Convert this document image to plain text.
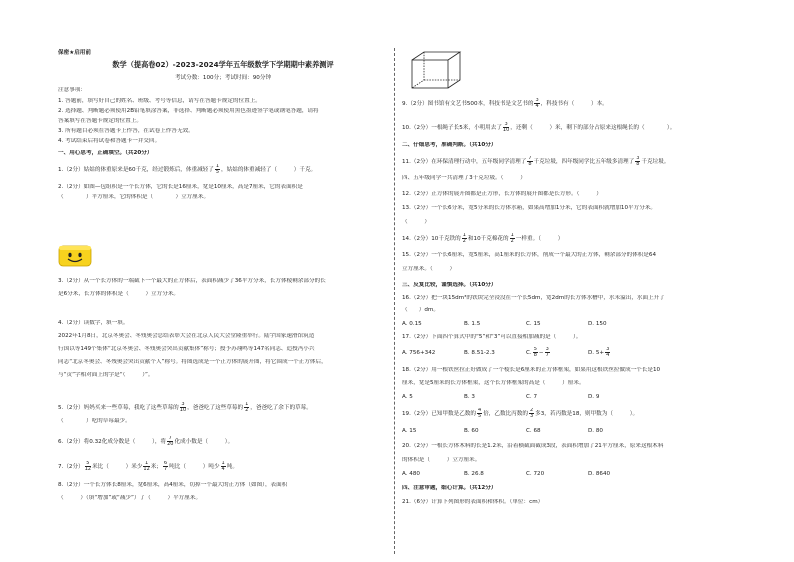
保密★启用前
数学（提高卷02）-2023-2024学年五年级数学下学期期中素养测评
考试分数：100分；考试时间：90分钟
注意事项：
1. 答题前，填写好自己的姓名、班级、考号等信息，请写在答题卡规定的位置上。
2. 选择题、判断题必须使用2B铅笔填涂答案，非选择、判断题必须使用黑色墨迹签字笔或钢笔答题，请将
答案填写在答题卡规定的位置上。
3. 所有题目必须在答题卡上作答，在试卷上作答无效。
4. 考试结束后将试卷和答题卡一并交回。
一、用心思考，正确填空。（共20分）
1.（2分）姑姑的体重原来是60千克，经过锻炼后，体重减轻了 $\frac{1}{5}$ ，姑姑的体重减轻了（　　　）千克。
2.（2分）如图—包组积是一个长方体，它的长是16厘米，宽是10厘米，高是7厘米，它的表面积是
（　　　　）平方厘米，它的体积是（　　　　）立方厘米。
3.（2分）从一个长方体的一端截下一个最大的正方体后，表面积减少了36平方分米，长方体棱剩余部分的长
是6分米，长方体的体积是（　　　）立方分米。
4.（2分）读数字，填一填。
2022年1月8日，北京冬奥会、冬残奥会总结表彰大会在北京人民大会堂隆重举行。陆宇国家速滑馆筑造
行国以等149个集体“北京冬奥会、冬残奥会突出贡献集体”称号；授予苏翊鸣等147名同志、追授冯小兴
同志“北京冬奥会、冬残奥会突出贡献个人”称号。将图选成是一个正方体的展开图，将它围成一个正方体后，
与“贡”字相对面上的字是“（　　　）”。
5.（2分）妈妈买来一些草莓，我吃了这些草莓的 $\frac{3}{10}$ ，爸爸吃了这些草莓的 $\frac{1}{2}$ ，爸爸吃了余下的草莓。
（　　　　）吃的草莓最少。
6.（2分）将0.32化成分数是（　　　），将 $\frac{7}{20}$ 化成小数是（　　　）。
7.（2分） $\frac{5}{12}$ 米比（　　　）米少 $\frac{1}{12}$ 米； $\frac{6}{7}$ 吨比（　　　）吨少 $\frac{1}{4}$ 吨。
8.（2分）一个长方体长8厘米，宽6厘米，高4厘米，切掉一个最大的正方体（如图），表面积
（　　　）（填“增加”或“减少”）了（　　　）平方厘米。
9.（2分）图书馆有文艺书500本，科技书是文艺书的 $\frac{3}{4}$ ，科技书有（　　　）本。
10.（2分）一根绳子长5米，小明用去了 $\frac{3}{10}$ ，还剩（　　　）米，剩下的部分占原来这根绳长的（　　　　）。
二、仔细思考，准确判断。（共10分）
11.（2分）在环保清理行动中，五年级同学清理了 $\frac{7}{8}$ 千克垃圾，四年级同学比五年级多清理了 $\frac{3}{8}$ 千克垃圾。
四、五年级同学一共清理了3千克垃圾。（　　　）
12.（2分）正方体的展开图都是正方形，长方体的展开图都是长方形。（　　　）
13.（2分）一个长6分米，宽5分米的长方体水箱，如果高增加1分米，它的表面积就增加10平方分米。
（　　　）
14.（2分）10千克铁的 $\frac{1}{2}$ 和10千克棉花的 $\frac{1}{2}$ 一样重。（　　　）
15.（2分）一个长6厘米，宽5厘米，高1厘米的长方体，削成一个最大的正方体，剩余部分的体积是64
立方厘米。（　　　）
三、反复比较，谨慎选择。（共10分）
16.（2分）把一块15dm³的铁块完全浸没在一个长5dm，宽2dm的长方体水槽中，水未溢出，水面上升了
（　　）dm。
A. 0.15	B. 1.5	C. 15	D. 150
17.（2分）下面四个算式中的“5”和“3”可以直接相加减的是（　　　）。
A. 756+342	B. 8.51-2.3	C. $\frac{5}{8} - \frac{3}{7}$	D. $5+ \frac{3}{4}$
18.（2分）用一根铁丝拉正好做成了一个棱长是6厘米的正方体框架，如果用这根铁丝拉做成一个长是10
厘米，宽是5厘米的长方体框架，这个长方体框架的高是（　　　）厘米。
A. 5	B. 3	C. 7	D. 9
19.（2分）已知甲数是乙数的 $\frac{4}{5}$ 倍，乙数比丙数的 $\frac{2}{3}$ 多3，若丙数是18，则甲数为（　　　）。
A. 15	B. 60	C. 68	D. 80
20.（2分）一根长方体木料的长是1.2米，沿着横截面截成3段，表面积增加了21平方厘米，原来这根木料
的体积是（　　　）立方厘米。
A. 480	B. 26.8	C. 720	D. 8640
四、注意审题，细心计算。（共12分）
21.（6分）计算下列图形的表面积和体积。（单位：cm）
